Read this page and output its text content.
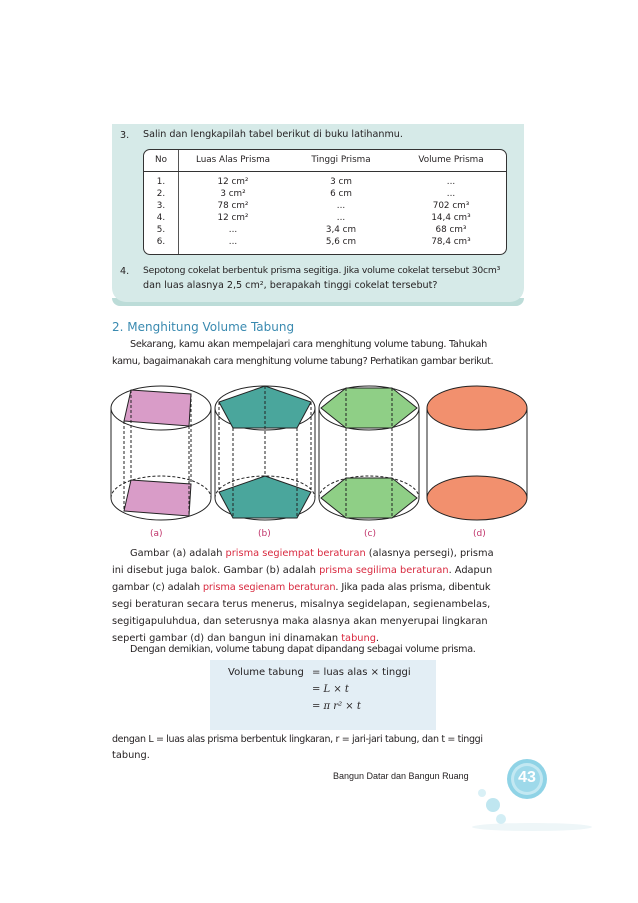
3. Salin dan lengkapilah tabel berikut di buku latihanmu.
No	Luas Alas Prisma	Tinggi Prisma	Volume Prisma
1.	12 cm²	3 cm	...
2.	3 cm²	6 cm	...
3.	78 cm²	...	702 cm³
4.	12 cm²	...	14,4 cm³
5.	...	3,4 cm	68 cm³
6.	...	5,6 cm	78,4 cm³
4. Sepotong cokelat berbentuk prisma segitiga. Jika volume cokelat tersebut 30cm³
dan luas alasnya 2,5 cm², berapakah tinggi cokelat tersebut?
2. Menghitung Volume Tabung
Sekarang, kamu akan mempelajari cara menghitung volume tabung. Tahukah
kamu, bagaimanakah cara menghitung volume tabung? Perhatikan gambar berikut.
(a)	(b)	(c)	(d)
Gambar (a) adalah prisma segiempat beraturan (alasnya persegi), prisma
ini disebut juga balok. Gambar (b) adalah prisma segilima beraturan. Adapun
gambar (c) adalah prisma segienam beraturan. Jika pada alas prisma, dibentuk
segi beraturan secara terus menerus, misalnya segidelapan, segienambelas,
segitigapuluhdua, dan seterusnya maka alasnya akan menyerupai lingkaran
seperti gambar (d) dan bangun ini dinamakan tabung.
Dengan demikian, volume tabung dapat dipandang sebagai volume prisma.
Volume tabung = luas alas × tinggi
= L × t
= π r² × t
dengan L = luas alas prisma berbentuk lingkaran, r = jari-jari tabung, dan t = tinggi
tabung.
Bangun Datar dan Bangun Ruang	43
